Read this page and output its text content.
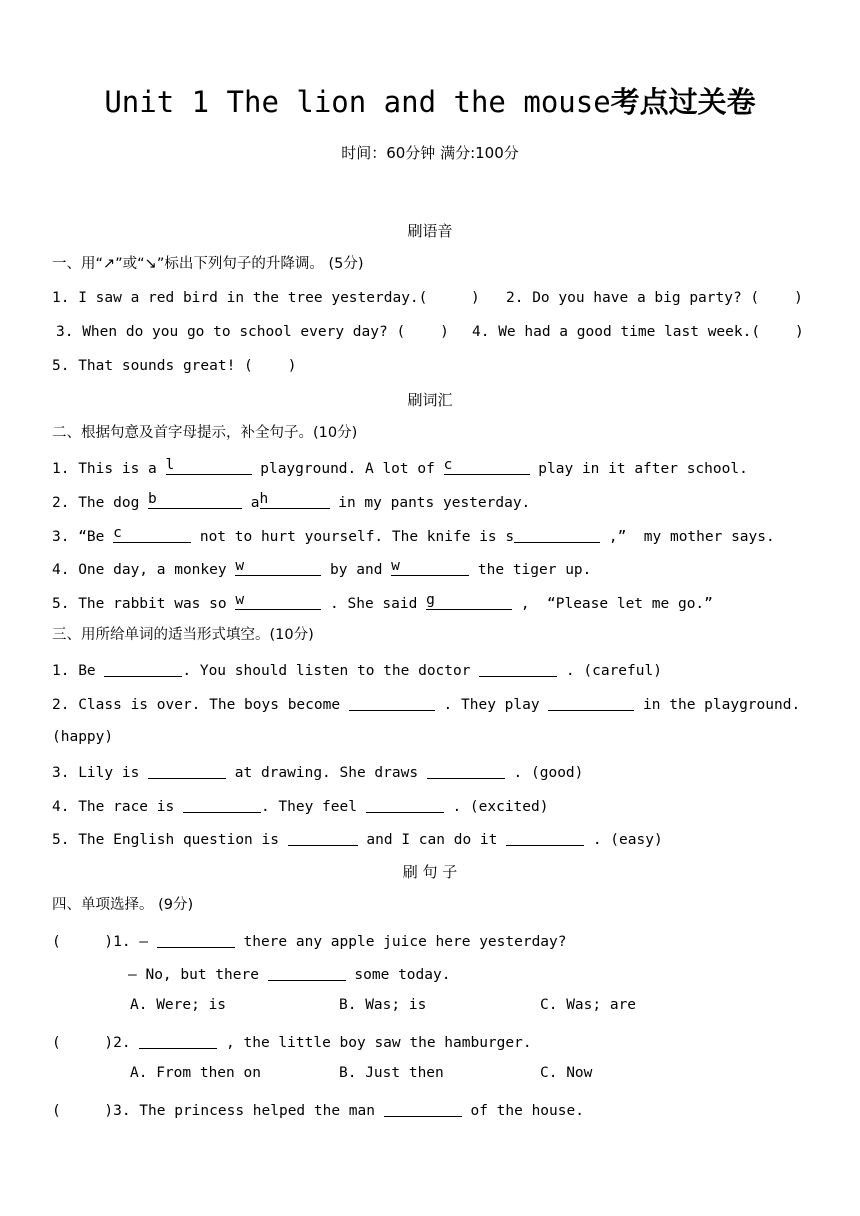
Unit 1 The lion and the mouse考点过关卷
时间：60分钟 满分:100分
刷语音
一、用“↗”或“↘”标出下列句子的升降调。 (5分)
1. I saw a red bird in the tree yesterday.(     ) 2. Do you have a big party? (    )
3. When do you go to school every day? (    ) 4. We had a good time last week.(    )
5. That sounds great! (    )
刷词汇
二、根据句意及首字母提示，补全句子。(10分)
1. This is a l	playground. A lot of c	play in it after school.
2. The dog b	a h	in my pants yesterday.
3. “Be c	not to hurt yourself. The knife is s	,”  my mother says.
4. One day, a monkey w	by and w	the tiger up.
5. The rabbit was so w	. She said g	,  “Please let me go.”
三、用所给单词的适当形式填空。(10分)
1. Be	. You should listen to the doctor	. (careful)
2. Class is over. The boys become	. They play	in the playground.
(happy)
3. Lily is	at drawing. She draws	. (good)
4. The race is	. They feel	. (excited)
5. The English question is	and I can do it	. (easy)
刷 句 子
四、单项选择。 (9分)
(     )1. —	there any apple juice here yesterday?
— No, but there	some today.
A. Were; is	B. Was; is	C. Was; are
(     )2.	, the little boy saw the hamburger.
A. From then on	B. Just then	C. Now
(     )3. The princess helped the man	of the house.
